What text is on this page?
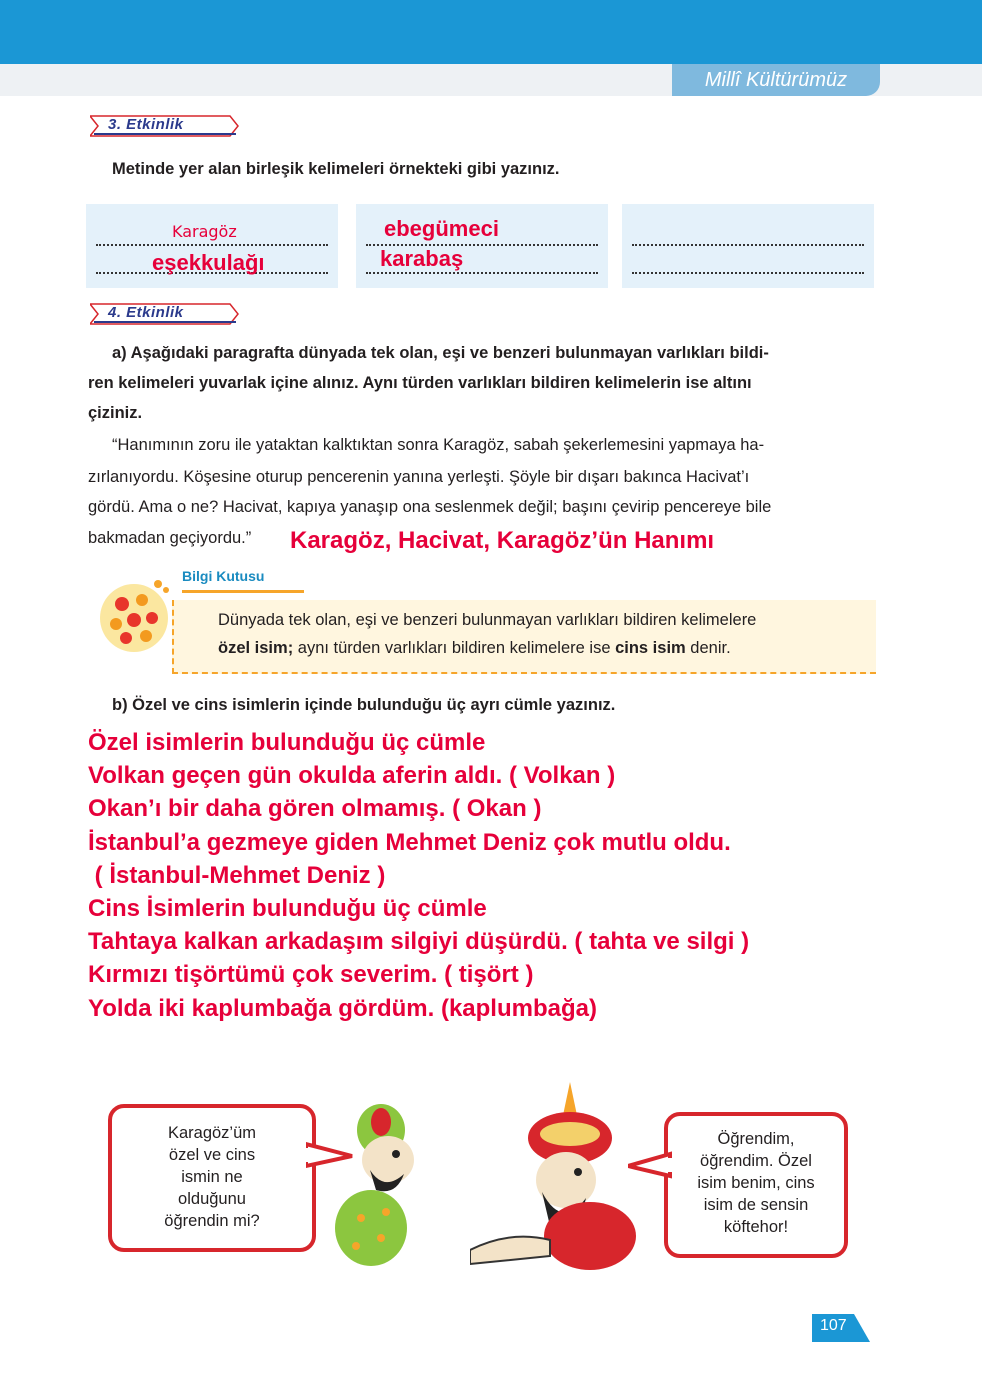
Millî Kültürümüz
3. Etkinlik
Metinde yer alan birleşik kelimeleri örnekteki gibi yazınız.
Karagöz
eşekkulağı
ebegümeci
karabaş
4. Etkinlik
a) Aşağıdaki paragrafta dünyada tek olan, eşi ve benzeri bulunmayan varlıkları bildi-
ren kelimeleri yuvarlak içine alınız. Aynı türden varlıkları bildiren kelimelerin ise altını
çiziniz.
“Hanımının zoru ile yataktan kalktıktan sonra Karagöz, sabah şekerlemesini yapmaya ha-
zırlanıyordu. Köşesine oturup pencerenin yanına yerleşti. Şöyle bir dışarı bakınca Hacivat’ı
gördü. Ama o ne? Hacivat, kapıya yanaşıp ona seslenmek değil; başını çevirip pencereye bile
bakmadan geçiyordu.”	Karagöz, Hacivat, Karagöz’ün Hanımı
Bilgi Kutusu

Dünyada tek olan, eşi ve benzeri bulunmayan varlıkları bildiren kelimelere
özel isim; aynı türden varlıkları bildiren kelimelere ise cins isim denir.

b) Özel ve cins isimlerin içinde bulunduğu üç ayrı cümle yazınız.
Özel isimlerin bulunduğu üç cümle
Volkan geçen gün okulda aferin aldı. ( Volkan )
Okan’ı bir daha gören olmamış. ( Okan )
İstanbul’a gezmeye giden Mehmet Deniz çok mutlu oldu.
( İstanbul-Mehmet Deniz )
Cins İsimlerin bulunduğu üç cümle
Tahtaya kalkan arkadaşım silgiyi düşürdü. ( tahta ve silgi )
Kırmızı tişörtümü çok severim. ( tişört )
Yolda iki kaplumbağa gördüm. (kaplumbağa)
Karagöz’üm
özel ve cins
ismin ne
olduğunu
öğrendin mi?
Öğrendim,
öğrendim. Özel
isim benim, cins
isim de sensin
köftehor!
107
